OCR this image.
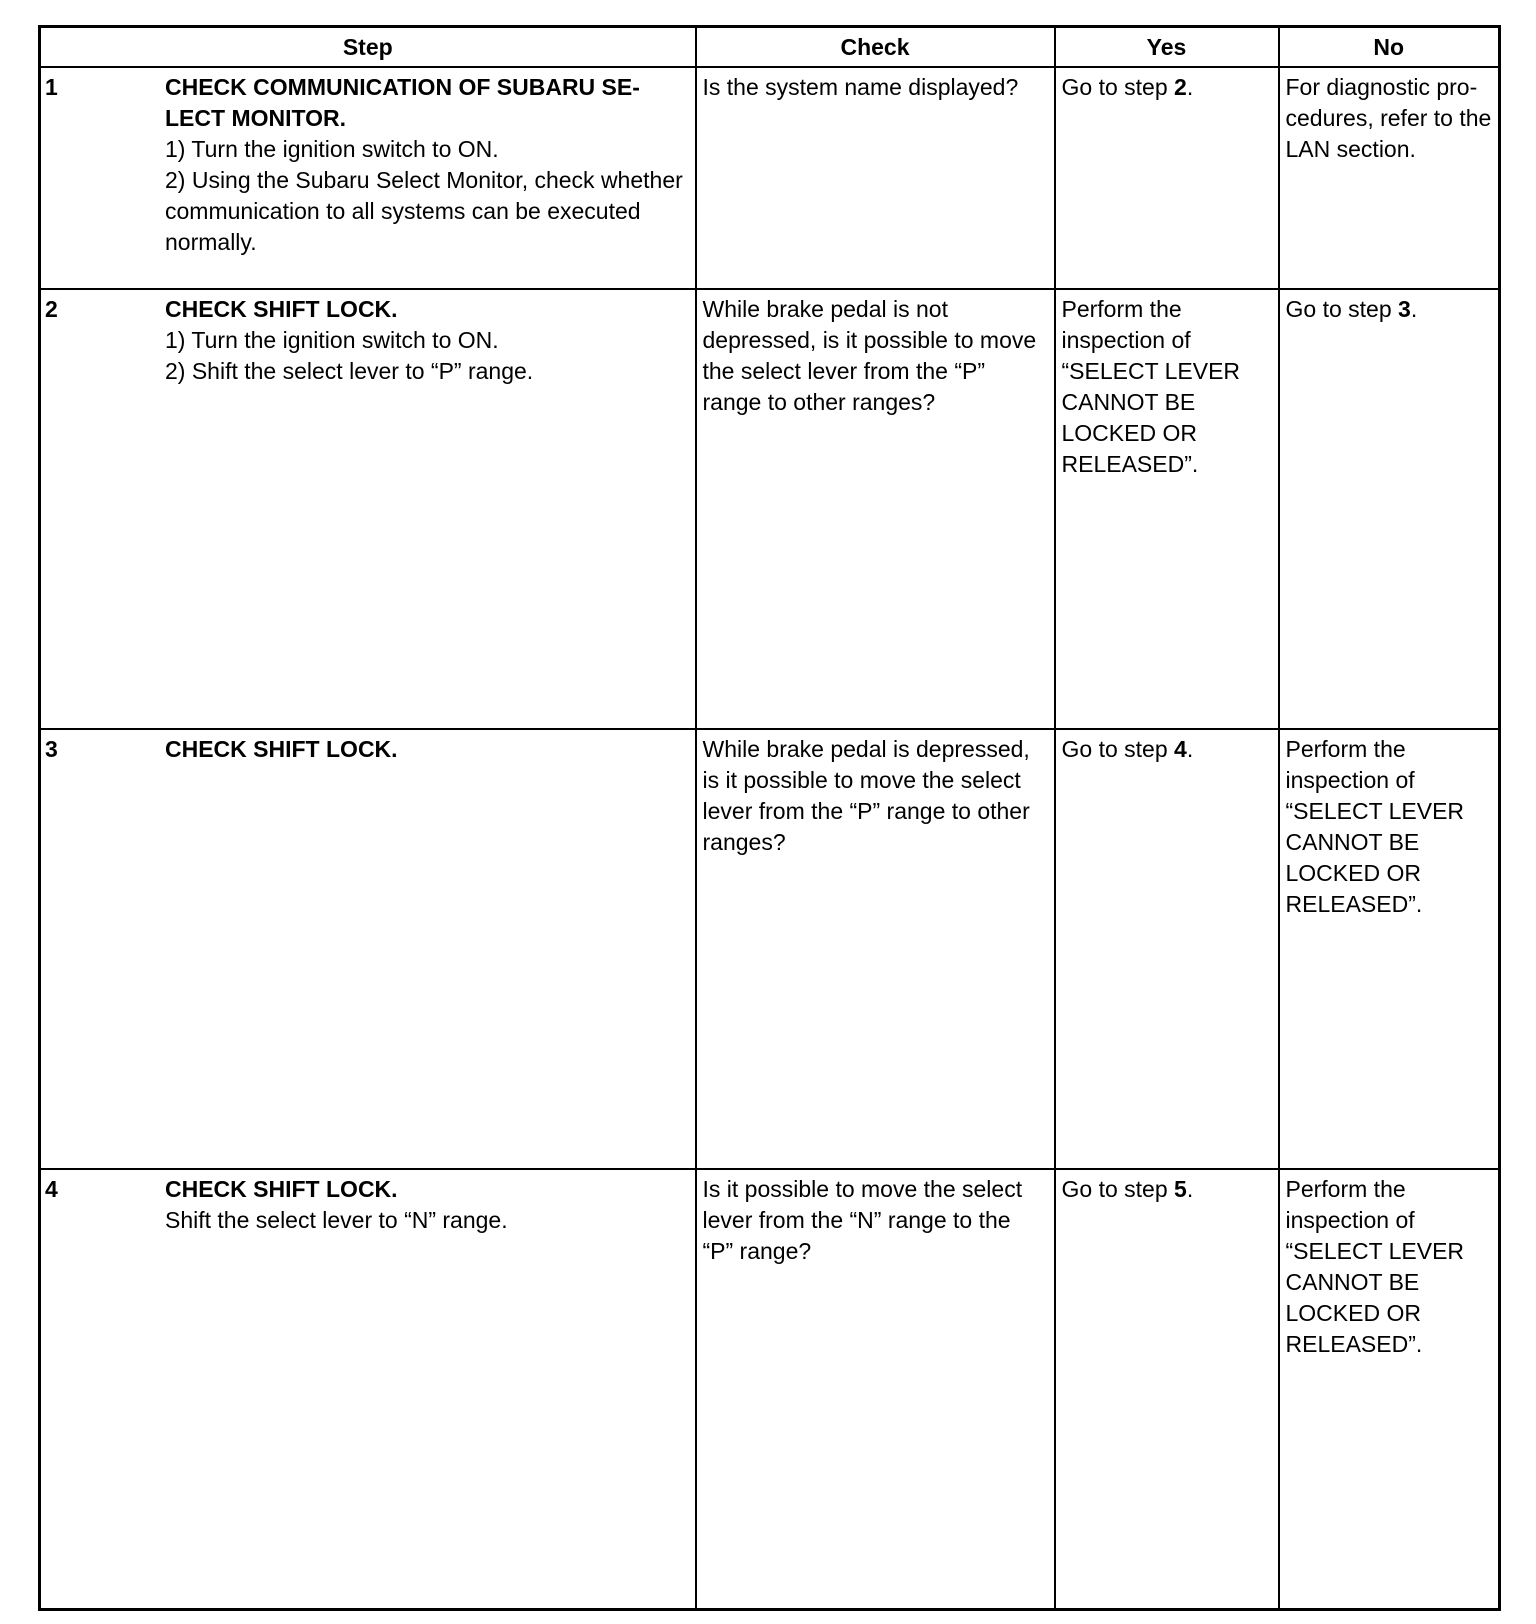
Step	Check	Yes	No

1 CHECK COMMUNICATION OF SUBARU SE-
LECT MONITOR.
1) Turn the ignition switch to ON.
2) Using the Subaru Select Monitor, check whether communication to all systems can be executed normally.	Is the system name displayed?	Go to step 2.	For diagnostic pro-cedures, refer to the LAN section.

2 CHECK SHIFT LOCK.
1) Turn the ignition switch to ON.
2) Shift the select lever to “P” range.	While brake pedal is not depressed, is it possible to move the select lever from the “P” range to other ranges?	Perform the inspection of “SELECT LEVER CANNOT BE LOCKED OR RELEASED”.	Go to step 3.

3 CHECK SHIFT LOCK.	While brake pedal is depressed, is it possible to move the select lever from the “P” range to other ranges?	Go to step 4.	Perform the inspection of “SELECT LEVER CANNOT BE LOCKED OR RELEASED”.

4 CHECK SHIFT LOCK.
Shift the select lever to “N” range.	Is it possible to move the select lever from the “N” range to the “P” range?	Go to step 5.	Perform the inspection of “SELECT LEVER CANNOT BE LOCKED OR RELEASED”.
